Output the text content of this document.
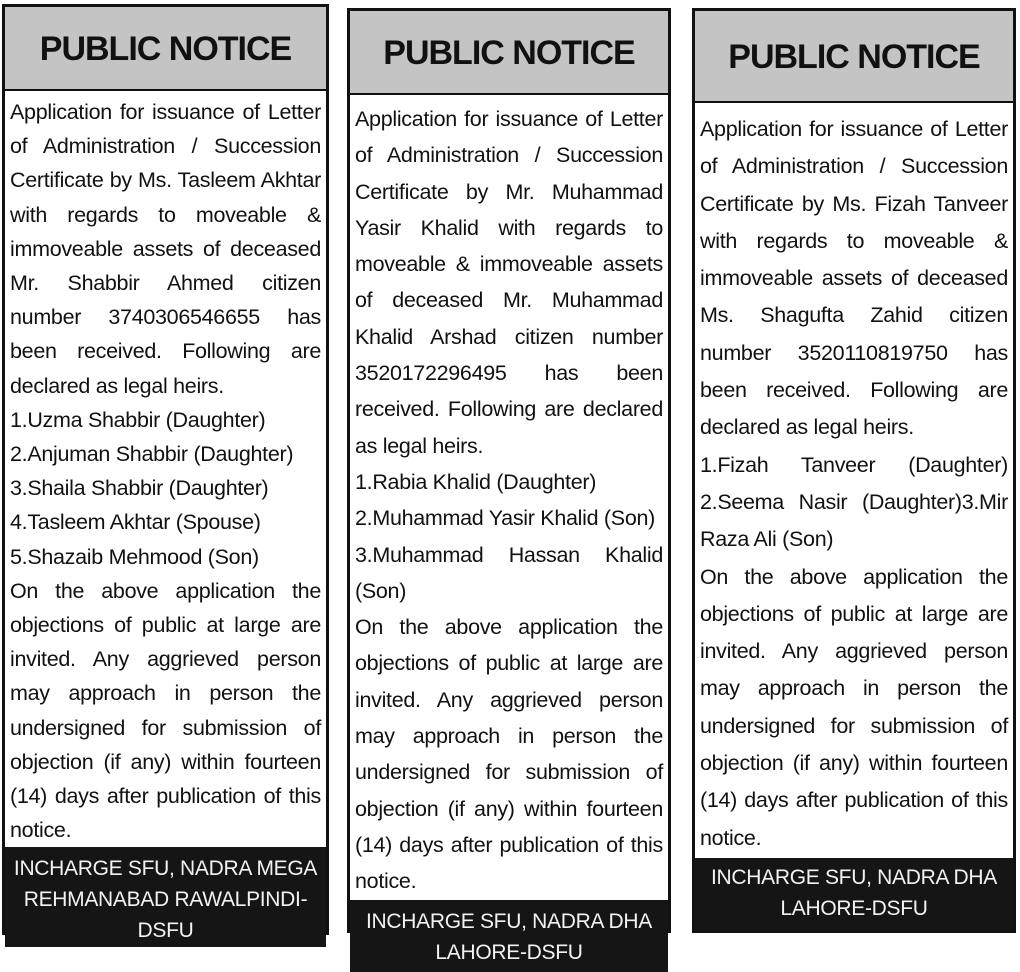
PUBLIC NOTICE
Application for issuance of Letter of Administration / Succession Certificate by Ms. Tasleem Akhtar with regards to moveable & immoveable assets of deceased Mr. Shabbir Ahmed citizen number 3740306546655 has been received. Following are declared as legal heirs.
1.Uzma Shabbir (Daughter)
2.Anjuman Shabbir (Daughter)
3.Shaila Shabbir (Daughter)
4.Tasleem Akhtar (Spouse)
5.Shazaib Mehmood (Son)
On the above application the objections of public at large are invited. Any aggrieved person may approach in person the undersigned for submission of objection (if any) within fourteen (14) days after publication of this notice.
INCHARGE SFU, NADRA MEGA REHMANABAD RAWALPINDI-DSFU
PUBLIC NOTICE
Application for issuance of Letter of Administration / Succession Certificate by Mr. Muhammad Yasir Khalid with regards to moveable & immoveable assets of deceased Mr. Muhammad Khalid Arshad citizen number 3520172296495 has been received. Following are declared as legal heirs.
1.Rabia Khalid (Daughter)
2.Muhammad Yasir Khalid (Son)
3.Muhammad Hassan Khalid (Son)
On the above application the objections of public at large are invited. Any aggrieved person may approach in person the undersigned for submission of objection (if any) within fourteen (14) days after publication of this notice.
INCHARGE SFU, NADRA DHA LAHORE-DSFU
PUBLIC NOTICE
Application for issuance of Letter of Administration / Succession Certificate by Ms. Fizah Tanveer with regards to moveable & immoveable assets of deceased Ms. Shagufta Zahid citizen number 3520110819750 has been received. Following are declared as legal heirs.
1.Fizah Tanveer (Daughter) 2.Seema Nasir (Daughter)3.Mir Raza Ali (Son)
On the above application the objections of public at large are invited. Any aggrieved person may approach in person the undersigned for submission of objection (if any) within fourteen (14) days after publication of this notice.
INCHARGE SFU, NADRA DHA LAHORE-DSFU
